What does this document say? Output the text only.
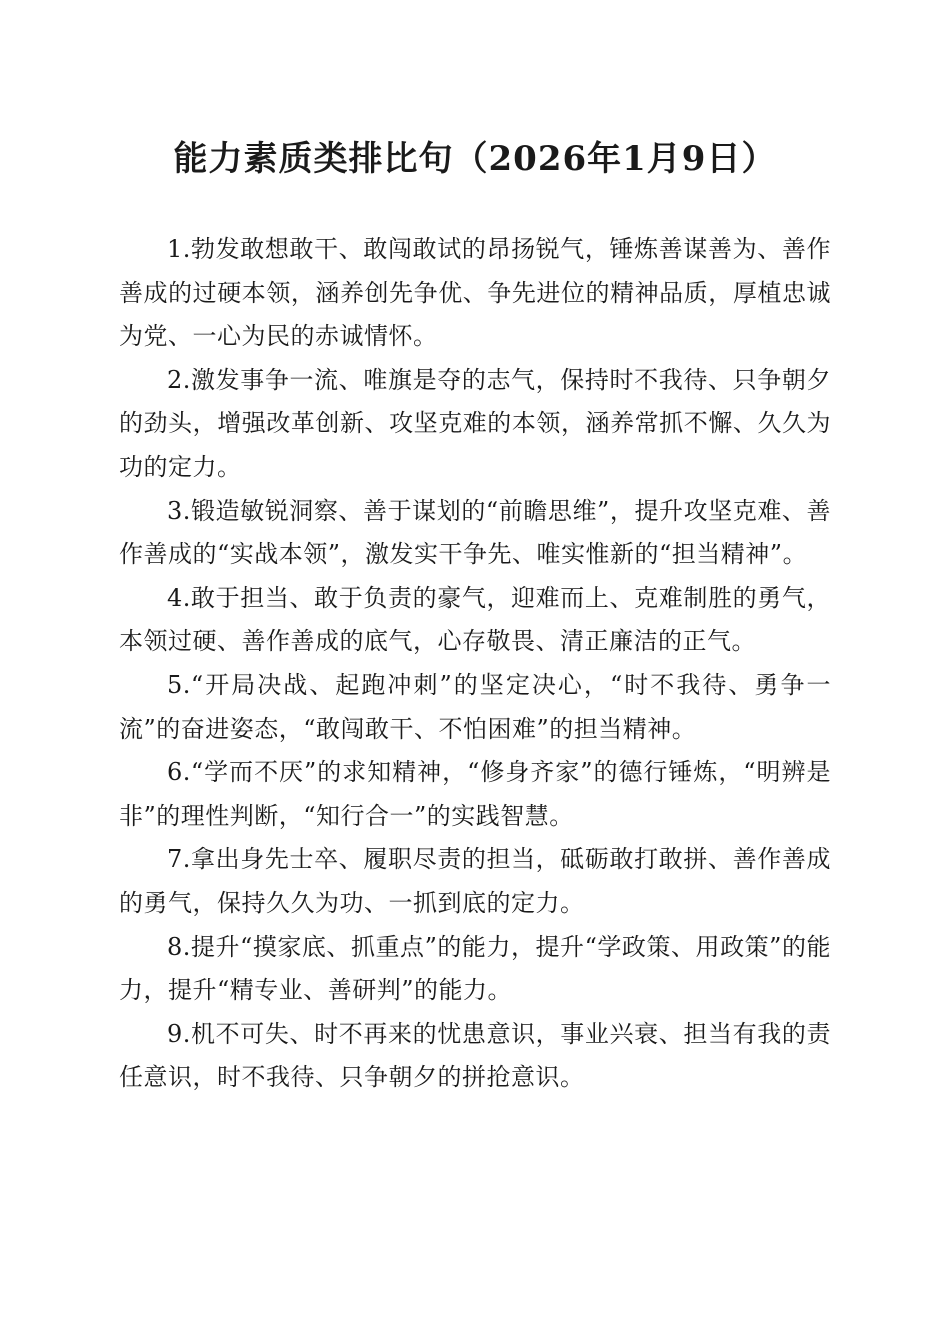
能力素质类排比句（2026年1月9日）

1.勃发敢想敢干、敢闯敢试的昂扬锐气，锤炼善谋善为、善作善成的过硬本领，涵养创先争优、争先进位的精神品质，厚植忠诚为党、一心为民的赤诚情怀。

2.激发事争一流、唯旗是夺的志气，保持时不我待、只争朝夕的劲头，增强改革创新、攻坚克难的本领，涵养常抓不懈、久久为功的定力。

3.锻造敏锐洞察、善于谋划的“前瞻思维”，提升攻坚克难、善作善成的“实战本领”，激发实干争先、唯实惟新的“担当精神”。

4.敢于担当、敢于负责的豪气，迎难而上、克难制胜的勇气，本领过硬、善作善成的底气，心存敬畏、清正廉洁的正气。

5.“开局决战、起跑冲刺”的坚定决心，“时不我待、勇争一流”的奋进姿态，“敢闯敢干、不怕困难”的担当精神。

6.“学而不厌”的求知精神，“修身齐家”的德行锤炼，“明辨是非”的理性判断，“知行合一”的实践智慧。

7.拿出身先士卒、履职尽责的担当，砥砺敢打敢拼、善作善成的勇气，保持久久为功、一抓到底的定力。

8.提升“摸家底、抓重点”的能力，提升“学政策、用政策”的能力，提升“精专业、善研判”的能力。

9.机不可失、时不再来的忧患意识，事业兴衰、担当有我的责任意识，时不我待、只争朝夕的拼抢意识。
